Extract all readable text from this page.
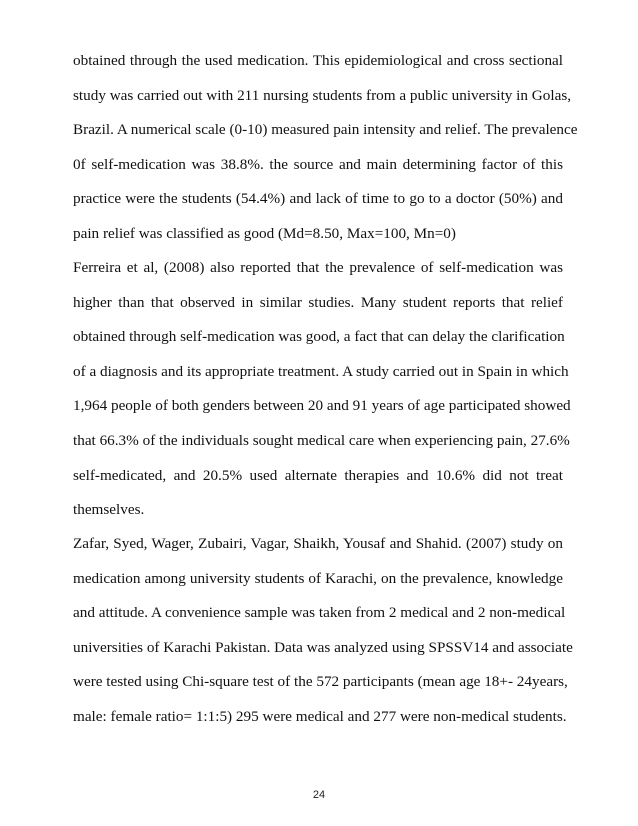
obtained through the used medication. This epidemiological and cross sectional
study was carried out with 211 nursing students from a public university in Golas,
Brazil. A numerical scale (0-10) measured pain intensity and relief. The prevalence
0f self-medication was 38.8%. the source and main determining factor of this
practice were the students (54.4%) and lack of time to go to a doctor (50%) and
pain relief was classified as good (Md=8.50, Max=100, Mn=0)
Ferreira et al, (2008) also reported that the prevalence of self-medication was
higher than that observed in similar studies. Many student reports that relief
obtained through self-medication was good, a fact that can delay the clarification
of a diagnosis and its appropriate treatment. A study carried out in Spain in which
1,964 people of both genders between 20 and 91 years of age participated showed
that 66.3% of the individuals sought medical care when experiencing pain, 27.6%
self-medicated, and 20.5% used alternate therapies and 10.6% did not treat
themselves.
Zafar, Syed, Wager, Zubairi, Vagar, Shaikh, Yousaf and Shahid. (2007) study on
medication among university students of Karachi, on the prevalence, knowledge
and attitude. A convenience sample was taken from 2 medical and 2 non-medical
universities of Karachi Pakistan. Data was analyzed using SPSSV14 and associate
were tested using Chi-square test of the 572 participants (mean age 18+- 24years,
male: female ratio= 1:1:5) 295 were medical and 277 were non-medical students.
24
